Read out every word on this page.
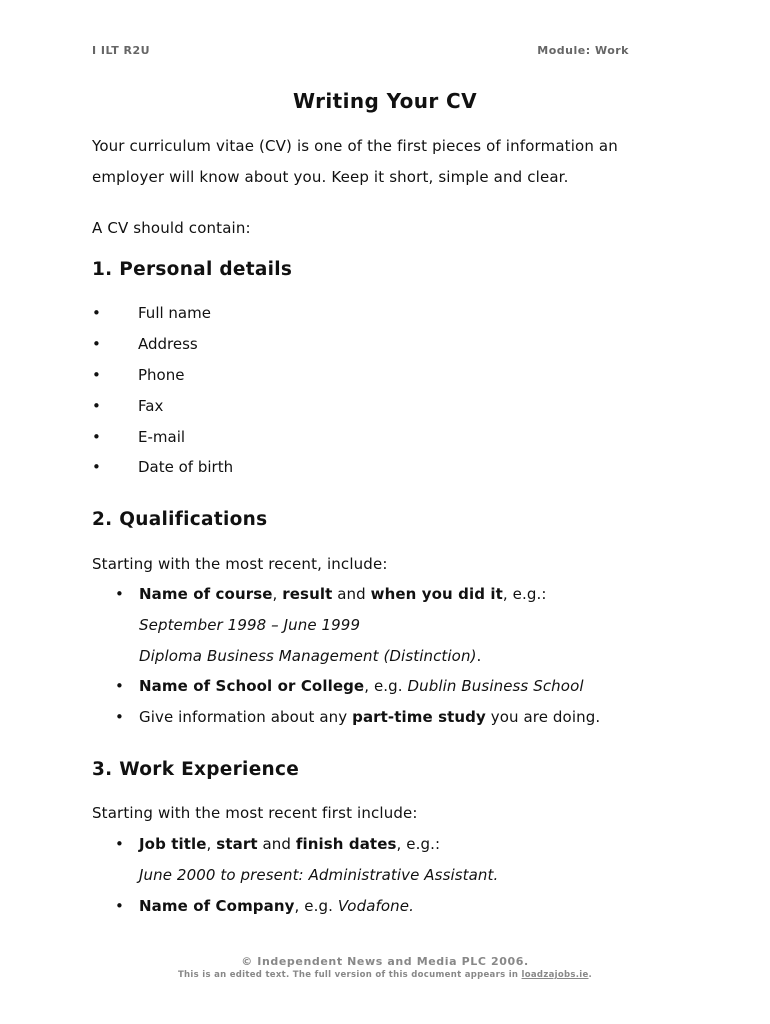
I ILT R2U	Module: Work
Writing Your CV
Your curriculum vitae (CV) is one of the first pieces of information an
employer will know about you. Keep it short, simple and clear.
A CV should contain:
1. Personal details
• Full name
• Address
• Phone
• Fax
• E-mail
• Date of birth
2. Qualifications
Starting with the most recent, include:
• Name of course, result and when you did it, e.g.:
September 1998 – June 1999
Diploma Business Management (Distinction).
• Name of School or College, e.g. Dublin Business School
• Give information about any part-time study you are doing.
3. Work Experience
Starting with the most recent first include:
• Job title, start and finish dates, e.g.:
June 2000 to present: Administrative Assistant.
• Name of Company, e.g. Vodafone.
© Independent News and Media PLC 2006.
This is an edited text. The full version of this document appears in loadzajobs.ie.
